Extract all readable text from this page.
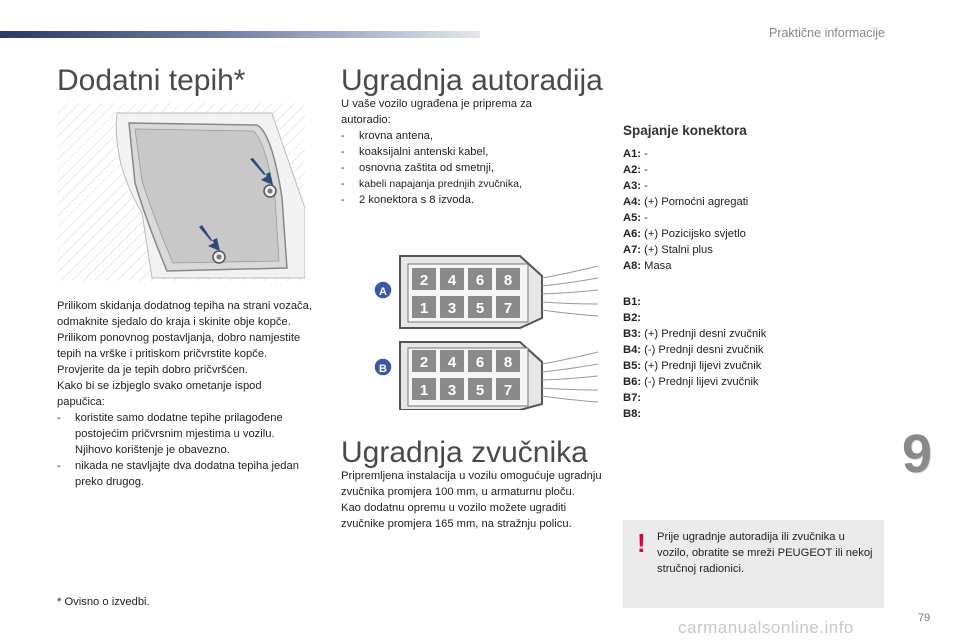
Praktične informacije
Dodatni tepih*

Prilikom skidanja dodatnog tepiha na strani vozača, odmaknite sjedalo do kraja i skinite obje kopče.

Prilikom ponovnog postavljanja, dobro namjestite tepih na vrške i pritiskom pričvrstite kopče. Provjerite da je tepih dobro pričvršćen.

Kako bi se izbjeglo svako ometanje ispod papučica:

- koristite samo dodatne tepihe prilagođene postojećim pričvrsnim mjestima u vozilu. Njihovo korištenje je obavezno.

- nikada ne stavljajte dva dodatna tepiha jedan preko drugog.

* Ovisno o izvedbi.
Ugradnja autoradija

U vaše vozilo ugrađena je priprema za autoradio:

- krovna antena,

- koaksijalni antenski kabel,

- osnovna zaštita od smetnji,

- kabeli napajanja prednjih zvučnika,

- 2 konektora s 8 izvoda.

2 4 6 8
1 3 5 7
A
2 4 6 8
1 3 5 7
B
Ugradnja zvučnika

Pripremljena instalacija u vozilu omogućuje ugradnju zvučnika promjera 100 mm, u armaturnu ploču.

Kao dodatnu opremu u vozilo možete ugraditi zvučnike promjera 165 mm, na stražnju policu.

Spajanje konektora
A1: -
A2: -
A3: -
A4: (+) Pomoćni agregati
A5: -
A6: (+) Pozicijsko svjetlo
A7: (+) Stalni plus
A8: Masa
B1:
B2:
B3: (+) Prednji desni zvučnik
B4: (-) Prednji desni zvučnik
B5: (+) Prednji lijevi zvučnik
B6: (-) Prednji lijevi zvučnik
B7:
B8:
9
! Prije ugradnje autoradija ili zvučnika u vozilo, obratite se mreži PEUGEOT ili nekoj stručnoj radionici.
79
carmanualsonline.info
